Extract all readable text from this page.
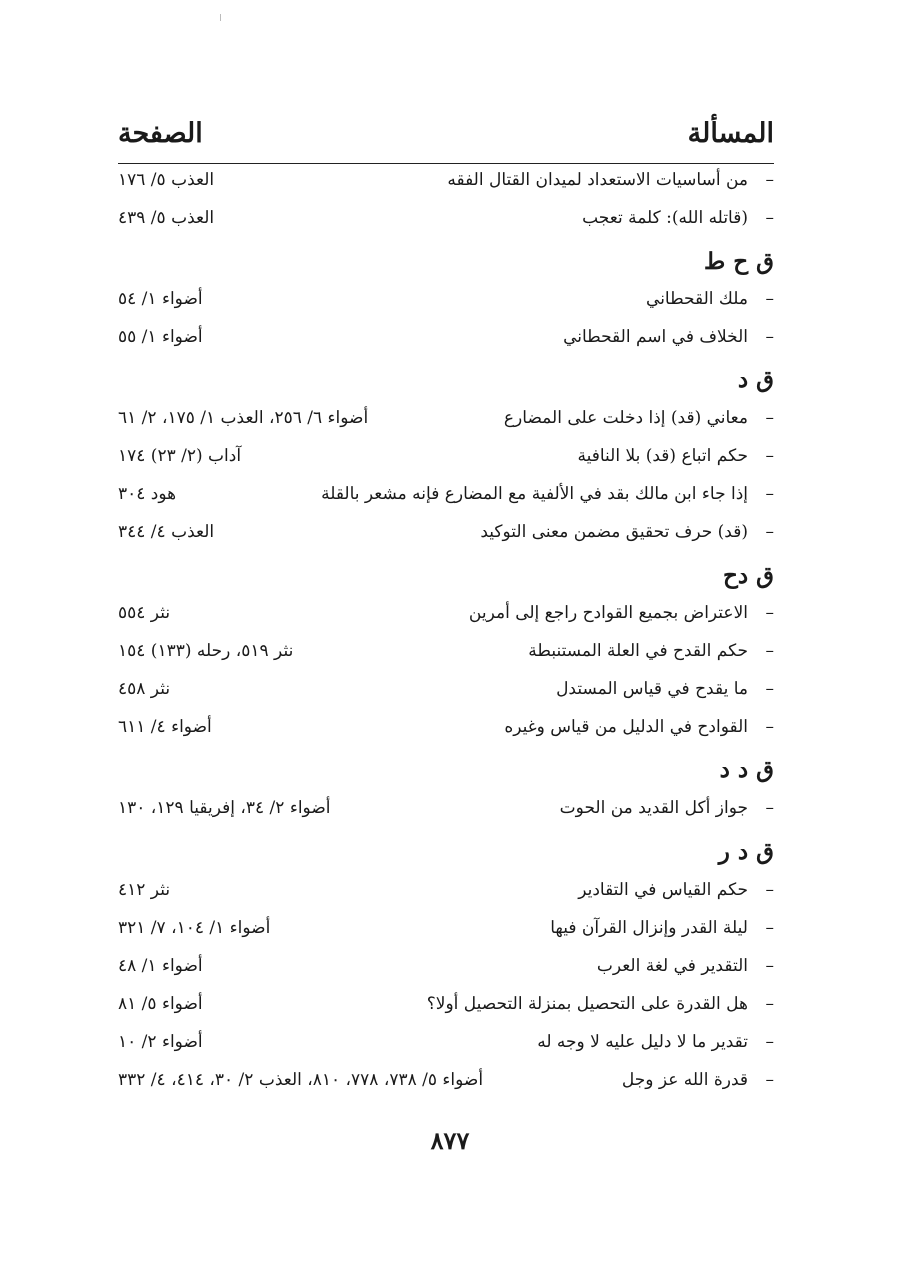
المسألة
الصفحة
–
من أساسيات الاستعداد لميدان القتال الفقه
العذب ٥/ ١٧٦
–
(قاتله الله): كلمة تعجب
العذب ٥/ ٤٣٩
ق ح ط
–
ملك القحطاني
أضواء ١/ ٥٤
–
الخلاف في اسم القحطاني
أضواء ١/ ٥٥
ق د
–
معاني (قد) إذا دخلت على المضارع
أضواء ٦/ ٢٥٦، العذب ١/ ١٧٥، ٢/ ٦١
–
حكم اتباع (قد) بلا النافية
آداب (٢/ ٢٣) ١٧٤
–
إذا جاء ابن مالك بقد في الألفية مع المضارع فإنه مشعر بالقلة
هود ٣٠٤
–
(قد) حرف تحقيق مضمن معنى التوكيد
العذب ٤/ ٣٤٤
ق دح
–
الاعتراض بجميع القوادح راجع إلى أمرين
نثر ٥٥٤
–
حكم القدح في العلة المستنبطة
نثر ٥١٩، رحله (١٣٣) ١٥٤
–
ما يقدح في قياس المستدل
نثر ٤٥٨
–
القوادح في الدليل من قياس وغيره
أضواء ٤/ ٦١١
ق د د
–
جواز أكل القديد من الحوت
أضواء ٢/ ٣٤، إفريقيا ١٢٩، ١٣٠
ق د ر
–
حكم القياس في التقادير
نثر ٤١٢
–
ليلة القدر وإنزال القرآن فيها
أضواء ١/ ١٠٤، ٧/ ٣٢١
–
التقدير في لغة العرب
أضواء ١/ ٤٨
–
هل القدرة على التحصيل بمنزلة التحصيل أولا؟
أضواء ٥/ ٨١
–
تقدير ما لا دليل عليه لا وجه له
أضواء ٢/ ١٠
–
قدرة الله عز وجل
أضواء ٥/ ٧٣٨، ٧٧٨، ٨١٠، العذب ٢/ ٣٠، ٤١٤، ٤/ ٣٣٢
٨٧٧
